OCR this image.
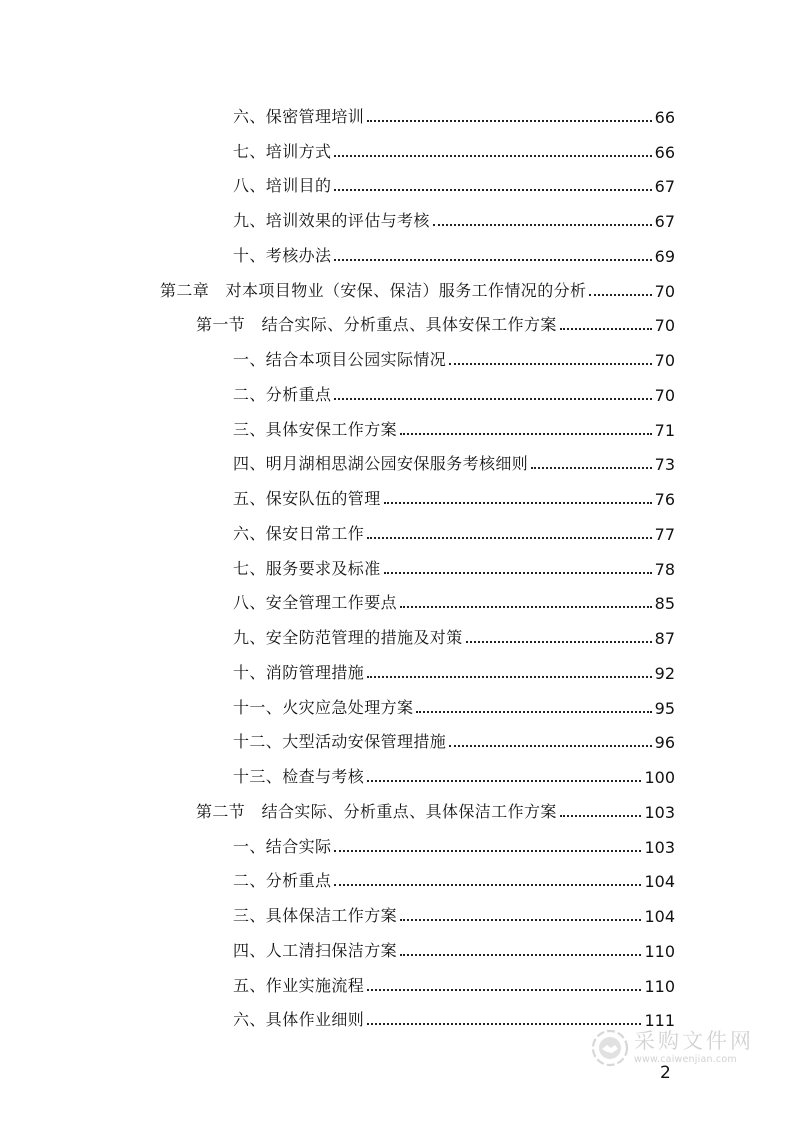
六、保密管理培训	66
七、培训方式	66
八、培训目的	67
九、培训效果的评估与考核	67
十、考核办法	69
第二章　对本项目物业（安保、保洁）服务工作情况的分析	70
第一节　结合实际、分析重点、具体安保工作方案	70
一、结合本项目公园实际情况	70
二、分析重点	70
三、具体安保工作方案	71
四、明月湖相思湖公园安保服务考核细则	73
五、保安队伍的管理	76
六、保安日常工作	77
七、服务要求及标准	78
八、安全管理工作要点	85
九、安全防范管理的措施及对策	87
十、消防管理措施	92
十一、火灾应急处理方案	95
十二、大型活动安保管理措施	96
十三、检查与考核	100
第二节　结合实际、分析重点、具体保洁工作方案	103
一、结合实际	103
二、分析重点	104
三、具体保洁工作方案	104
四、人工清扫保洁方案	110
五、作业实施流程	110
六、具体作业细则	111
2
采购文件网
www.caiwenjian.com
